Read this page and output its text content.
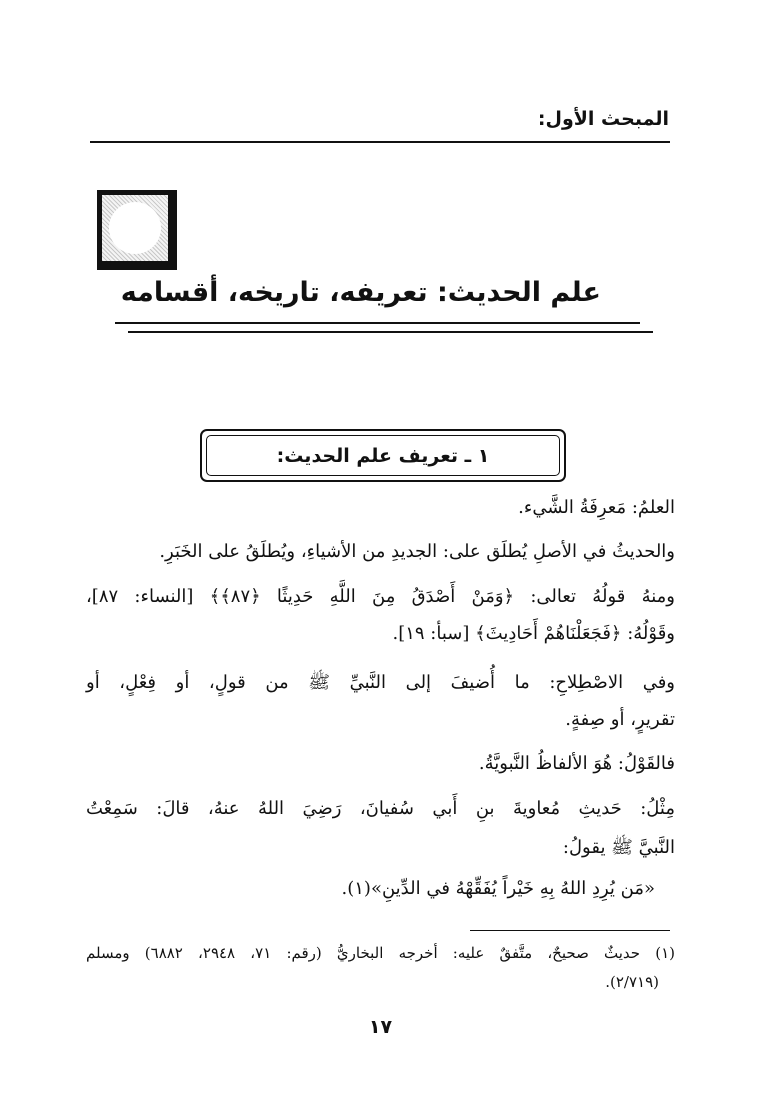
المبحث الأول:
علم الحديث: تعريفه، تاريخه، أقسامه
١ ـ تعريف علم الحديث:
العلمُ: مَعرِفَةُ الشَّيء.
والحديثُ في الأصلِ يُطلَق على: الجديدِ من الأشياءِ، ويُطلَقُ على الخَبَرِ.
ومنهُ قولُهُ تعالى: ﴿وَمَنْ أَصْدَقُ مِنَ اللَّهِ حَدِيثًا ﴿٨٧﴾﴾ [النساء: ٨٧]،
وقَوْلُهُ: ﴿فَجَعَلْنَاهُمْ أَحَادِيثَ﴾ [سبأ: ١٩].
وفي الاصْطِلاحِ: ما أُضيفَ إلى النَّبيِّ ﷺ من قولٍ، أو فِعْلٍ، أو
تقريرٍ، أو صِفةٍ.
فالقَوْلُ: هُوَ الألفاظُ النَّبويَّةُ.
مِثْلُ: حَديثِ مُعاويةَ بنِ أَبي سُفيانَ، رَضِيَ اللهُ عنهُ، قالَ: سَمِعْتُ
النَّبيَّ ﷺ يقولُ:
«مَن يُرِدِ اللهُ بِهِ خَيْراً يُفَقِّهْهُ في الدِّينِ»(١).
(١) حديثٌ صحيحٌ، متَّفقٌ عليه: أخرجه البخاريُّ (رقم: ٧١، ٢٩٤٨، ٦٨٨٢) ومسلم
(٢/٧١٩).
١٧
